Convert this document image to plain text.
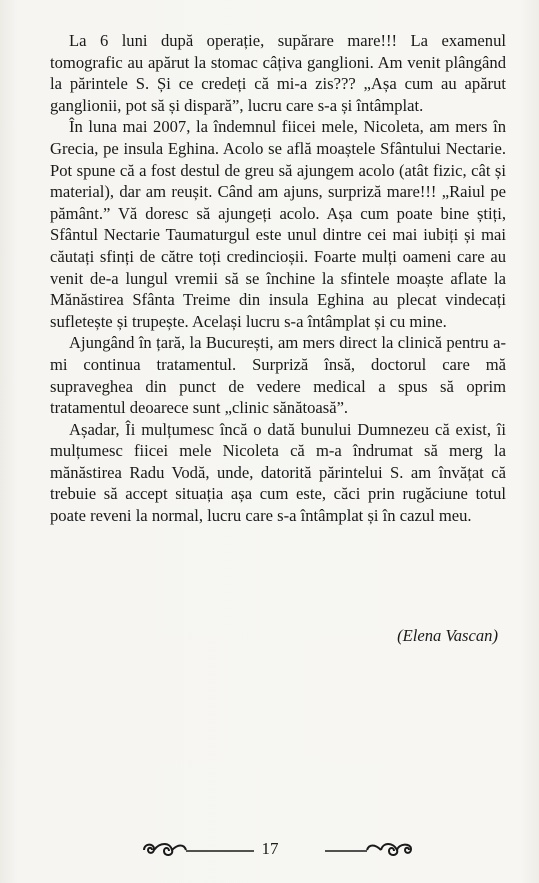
La 6 luni după operație, supărare mare!!! La examenul tomografic au apărut la stomac câțiva ganglioni. Am venit plângând la părintele S. Și ce credeți că mi-a zis??? „Așa cum au apărut ganglionii, pot să și dispară”, lucru care s-a și întâmplat.

În luna mai 2007, la îndemnul fiicei mele, Nicoleta, am mers în Grecia, pe insula Eghina. Acolo se află moaștele Sfântului Nectarie. Pot spune că a fost destul de greu să ajungem acolo (atât fizic, cât și material), dar am reușit. Când am ajuns, surpriză mare!!! „Raiul pe pământ.” Vă doresc să ajungeți acolo. Așa cum poate bine știți, Sfântul Nectarie Taumaturgul este unul dintre cei mai iubiți și mai căutați sfinți de către toți credincioșii. Foarte mulți oameni care au venit de-a lungul vremii să se închine la sfintele moaște aflate la Mănăstirea Sfânta Treime din insula Eghina au plecat vindecați sufletește și trupește. Același lucru s-a întâmplat și cu mine.

Ajungând în țară, la București, am mers direct la clinică pentru a-mi continua tratamentul. Surpriză însă, doctorul care mă supraveghea din punct de vedere medical a spus să oprim tratamentul deoarece sunt „clinic sănătoasă”.

Așadar, Îi mulțumesc încă o dată bunului Dumnezeu că exist, îi mulțumesc fiicei mele Nicoleta că m-a îndrumat să merg la mănăstirea Radu Vodă, unde, datorită părintelui S. am învățat că trebuie să accept situația așa cum este, căci prin rugăciune totul poate reveni la normal, lucru care s-a întâmplat și în cazul meu.

(Elena Vascan)
17
